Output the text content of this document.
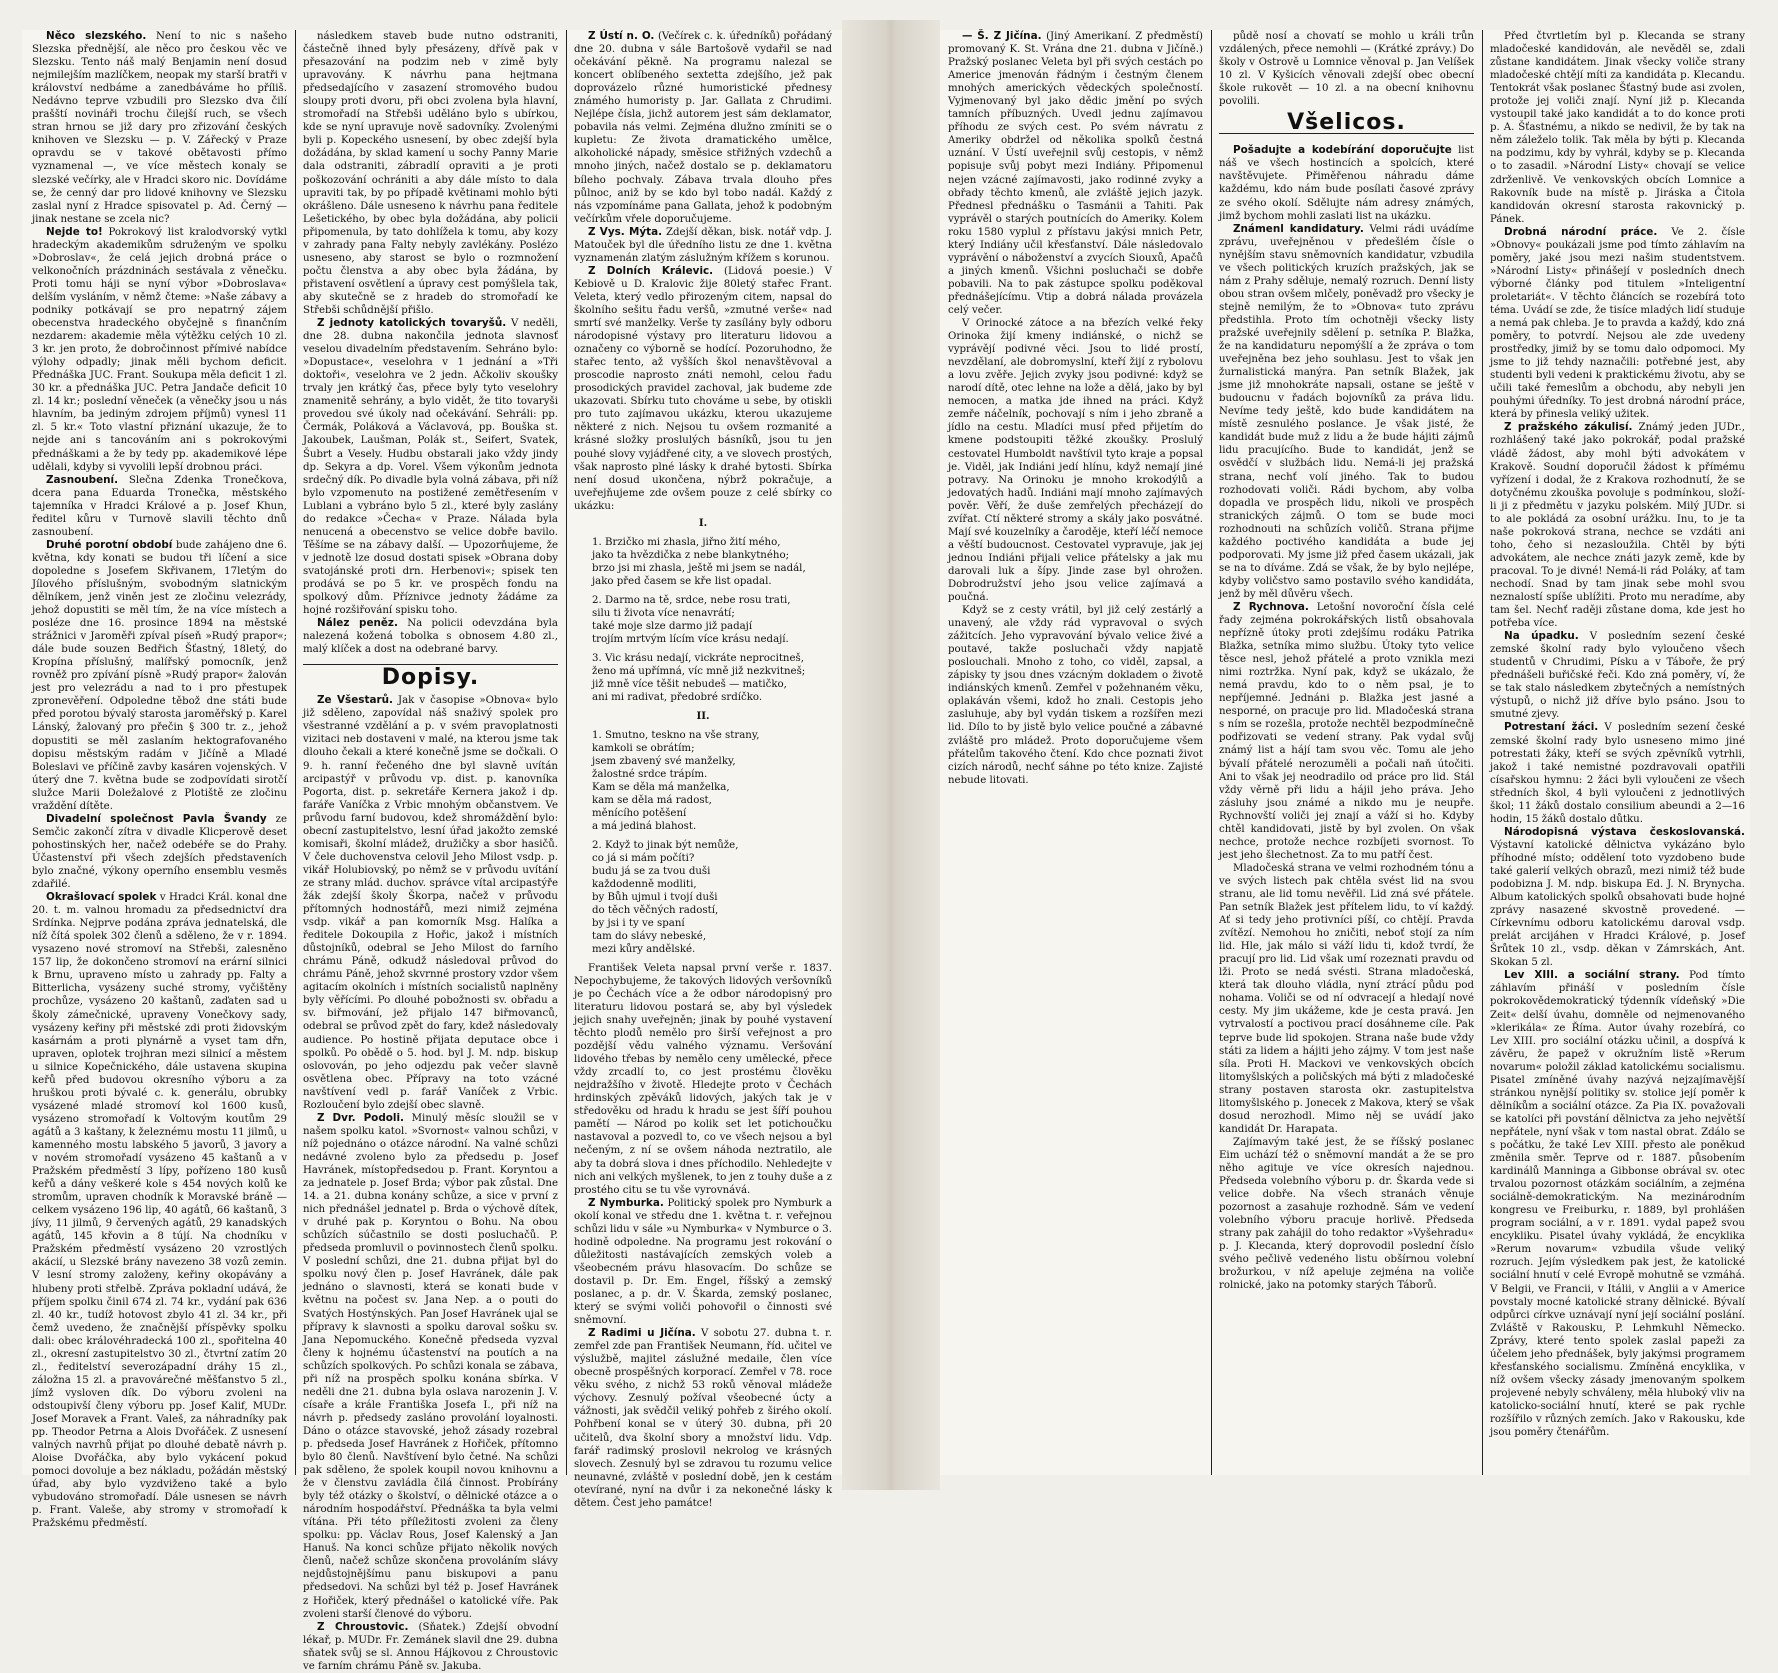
Něco slezského. Není to nic s našeho Slezska přednější, ale něco pro českou věc ve Slezsku. Tento náš malý Benjamin není dosud nejmilejším mazlíčkem, neopak my starší bratři v království nedbáme a zanedbáváme ho příliš. Nedávno teprve vzbudili pro Slezsko dva čilí prašští novináři trochu čilejší ruch, se všech stran hrnou se již dary pro zřizování českých knihoven ve Slezsku — p. V. Zářecký v Praze opravdu se v takové obětavosti přímo vyznamenal —, ve více městech konaly se slezské večírky, ale v Hradci skoro nic. Dovídáme se, že cenný dar pro lidové knihovny ve Slezsku zaslal nyní z Hradce spisovatel p. Ad. Černý — jinak nestane se zcela nic?

Nejde to! Pokrokový list kralodvorský vytkl hradeckým akademikům sdruženým ve spolku »Dobroslav«, že celá jejich drobná práce o velkonočních prázdninách sestávala z věnečku. Proti tomu háji se nyní výbor »Dobroslava« delším vysláním, v němž čteme: »Naše zábavy a podniky potkávají se pro nepatrný zájem obecenstva hradeckého obyčejně s finančním nezdarem: akademie měla výtěžku celých 10 zl. 3 kr. jen proto, že dobročinnost přímivé nabídce výlohy odpadly; jinak měli bychom deficit. Přednáška JUC. Frant. Soukupa měla deficit 1 zl. 30 kr. a přednáška JUC. Petra Jandače deficit 10 zl. 14 kr.; poslední věneček (a věnečky jsou u nás hlavním, ba jediným zdrojem příjmů) vynesl 11 zl. 5 kr.« Toto vlastní přiznání ukazuje, že to nejde ani s tancováním ani s pokrokovými přednáškami a že by tedy pp. akademikové lépe udělali, kdyby si vyvolili lepší drobnou práci.

Zasnoubení. Slečna Zdenka Tronečkova, dcera pana Eduarda Tronečka, městského tajemníka v Hradci Králové a p. Josef Khun, ředitel kůru v Turnově slavili těchto dnů zasnoubení.

Druhé porotní období bude zahájeno dne 6. května, kdy konati se budou tři líčení a sice dopoledne s Josefem Skřivanem, 17letým do Jílového příslušným, svobodným slatnickým dělníkem, jenž viněn jest ze zločinu velezrády, jehož dopustiti se měl tím, že na více místech a posléze dne 16. prosince 1894 na městské strážnici v Jaroměři zpíval píseň »Rudý prapor«; dále bude souzen Bedřich Šťastný, 18letý, do Kropína příslušný, malířský pomocník, jenž rovněž pro zpívání písně »Rudý prapor« žalován jest pro velezrádu a nad to i pro přestupek zpronevěření. Odpoledne těbož dne státi bude před porotou bývalý starosta jaroměřský p. Karel Lánský, žalovaný pro přečin § 300 tr. z., jehož dopustiti se měl zaslaním hektografovaného dopisu městským radám v Jičíně a Mladé Boleslavi ve příčině zavby kasáren vojenských. V úterý dne 7. května bude se zodpovídati sirotčí služce Marii Doležalové z Plotiště ze zločinu vraždění dítěte.

Divadelní společnost Pavla Švandy ze Semčic zakončí zítra v divadle Klicperově deset pohostinských her, načež odebéře se do Prahy. Účastenství při všech zdejších představeních bylo značné, výkony operního ensemblu vesměs zdařilé.

Okrašlovací spolek v Hradci Král. konal dne 20. t. m. valnou hromadu za předsednictví dra Srdínka. Nejprve podána zpráva jednatelská, dle níž čítá spolek 302 členů a sděleno, že v r. 1894. vysazeno nové stromoví na Střebši, zalesněno 157 lip, že dokončeno stromoví na erární silnici k Brnu, upraveno místo u zahrady pp. Falty a Bitterlicha, vysázeny suché stromy, vyčištěny prochůze, vysázeno 20 kaštanů, zaďaten sad u školy zámečnické, upraveny Vonečkovy sady, vysázeny keřiny při městské zdi proti židovským kasárnám a proti plynárně a vyset tam dřn, upraven, oplotek trojhran mezi silnicí a městem u silnice Kopečnického, dále ustavena skupina keřů před budovou okresního výboru a za hruškou proti bývalé c. k. generálu, obrubky vysázené mladé stromoví kol 1600 kusů, vysázeno stromořadí k Voltovým koutům 29 agátů a 3 kaštany, k železnému mostu 11 jilmů, u kamenného mostu labského 5 javorů, 3 javory a v novém stromořadí vysázeno 45 kaštanů a v Pražském předměstí 3 lípy, pořízeno 180 kusů keřů a dány veškeré kole s 454 nových kolů ke stromům, upraven chodník k Moravské bráně — celkem vysázeno 196 lip, 40 agátů, 66 kaštanů, 3 jívy, 11 jilmů, 9 červených agátů, 29 kanadských agátů, 145 křovin a 8 tújí. Na chodníku v Pražském předměstí vysázeno 20 vzrostlých akácií, u Slezské brány navezeno 38 vozů zemin. V lesní stromy založeny, keřiny okopávány a hlubeny proti střelbě. Zpráva pokladní udává, že příjem spolku činil 674 zl. 74 kr., vydání pak 636 zl. 40 kr., tudíž hotovost zbylo 41 zl. 34 kr., při čemž uvedeno, že značnější příspěvky spolku dali: obec královéhradecká 100 zl., spořitelna 40 zl., okresní zastupitelstvo 30 zl., čtvrtní zatím 20 zl., ředitelství severozápadní dráhy 15 zl., záložna 15 zl. a pravovárečné měšťanstvo 5 zl., jímž vysloven dík. Do výboru zvoleni na odstoupivší členy výboru pp. Josef Kalif, MUDr. Josef Moravek a Frant. Valeš, za náhradníky pak pp. Theodor Petrna a Alois Dvořáček. Z usnesení valných navrhů přijat po dlouhé debatě návrh p. Aloise Dvořáčka, aby bylo vykácení pokud pomoci dovoluje a bez nákladu, požádán městský úřad, aby bylo vyzdviženo také a bylo vybudováno stromořadí. Dále usnesen se návrh p. Frant. Valeše, aby stromy v stromořadí k Pražskému předměstí.

následkem staveb bude nutno odstraniti, částečně ihned byly přesázeny, dřívě pak v přesazování na podzim neb v zimě byly upravovány. K návrhu pana hejtmana předsedajícího v zasazení stromového budou sloupy proti dvoru, při obci zvolena byla hlavní, stromořadí na Střebši uděláno bylo s ubírkou, kde se nyní upravuje nově sadovníky. Zvolenými byli p. Kopeckého usnesení, by obec zdejší byla dožádána, by sklad kamení u sochy Panny Marie dala odstraniti, zábradlí opraviti a je proti poškozování ochrániti a aby dále místo to dala upraviti tak, by po případě květinami mohlo býti okrášleno. Dále usneseno k návrhu pana ředitele Lešetického, by obec byla dožádána, aby policii připomenula, by tato dohlížela k tomu, aby kozy v zahrady pana Falty nebyly zavlékány. Poslézo usneseno, aby starost se bylo o rozmnožení počtu členstva a aby obec byla žádána, by přistavení osvětlení a úpravy cest pomýšlela tak, aby skutečně se z hradeb do stromořadí ke Střebši schůdnější přišlo.

Z jednoty katolických tovaryšů. V neděli, dne 28. dubna nakončila jednota slavnosť veselou divadelním představením. Sehráno bylo: »Dopustace«, veselohra v 1 jednání a »Tři doktoři«, veselohra ve 2 jedn. Ačkoliv skoušky trvaly jen krátký čas, přece byly tyto veselohry znamenitě sehrány, a bylo vidět, že tito tovaryši provedou své úkoly nad očekávání. Sehráli: pp. Čermák, Poláková a Václavová, pp. Bouška st. Jakoubek, Laušman, Polák st., Seifert, Svatek, Šubrt a Vesely. Hudbu obstarali jako vždy jindy dp. Sekyra a dp. Vorel. Všem výkonům jednota srdečný dík. Po divadle byla volná zábava, při níž bylo vzpomenuto na postižené zemětřesením v Lublani a vybráno bylo 5 zl., které byly zaslány do redakce »Čecha« v Praze. Nálada byla nenucená a obecenstvo se velice dobře bavilo. Těšíme se na zábavy další. — Upozorňujeme, že v jednotě lze dosud dostati spisek »Obrana doby svatojánské proti drn. Herbenovi«; spisek ten prodává se po 5 kr. ve prospěch fondu na spolkový dům. Příznivce jednoty žádáme za hojné rozšiřování spisku toho.

Nález peněz. Na policii odevzdána byla nalezená kožená tobolka s obnosem 4.80 zl., malý klíček a dost na odebrané barvy.

Dopisy.

Ze Všestarů. Jak v časopise »Obnova« bylo již sděleno, zapovídal náš snaživý spolek pro všestranné vzdělání a p. v svém pravoplatnosti vizitaci neb dostaveni v malé, na kterou jsme tak dlouho čekali a které konečně jsme se dočkali. O 9. h. ranní řečeného dne byl slavně uvítán arcipastýř v průvodu vp. dist. p. kanovníka Pogorta, dist. p. sekretáře Kernera jakož i dp. faráře Vaníčka z Vrbic mnohým občanstvem. Ve průvodu farní budovou, kdež shromáždění bylo: obecní zastupitelstvo, lesní úřad jakožto zemské komisaři, školní mládež, družičky a sbor hasičů. V čele duchovenstva celovil Jeho Milost vsdp. p. vikář Holubiovský, po němž se v průvodu uvítání ze strany mlád. duchov. správce vítal arcipastýře žák zdejší školy Škorpa, načež v průvodu přítomných hodnostářů, mezi nimiž zejména vsdp. vikář a pan komorník Msg. Halíka a ředitele Dokoupila z Hořic, jakož i místních důstojníků, odebral se Jeho Milost do farního chrámu Páně, odkudž následoval průvod do chrámu Páně, jehož skvrnné prostory vzdor všem agitacím okolních i místních socialistů naplněny byly věřícími. Po dlouhé pobožnosti sv. obřadu a sv. biřmování, jež přijalo 147 biřmovanců, odebral se průvod zpět do fary, kdež následovaly audience. Po hostině přijata deputace obce i spolků. Po obědě o 5. hod. byl J. M. ndp. biskup oslovován, po jeho odjezdu pak večer slavně osvětlena obec. Přípravy na toto vzácné navštívení vedl p. farář Vaníček z Vrbic. Rozloučení bylo zdejší obec slavně.

Z Dvr. Podoli. Minulý měsíc sloužil se v našem spolku katol. »Svornost« valnou schůzi, v níž pojednáno o otázce národní. Na valné schůzi nedávné zvoleno bylo za předsedu p. Josef Havránek, místopředsedou p. Frant. Koryntou a za jednatele p. Josef Brda; výbor pak zůstal. Dne 14. a 21. dubna konány schůze, a sice v první z nich přednášel jednatel p. Brda o výchově dítek, v druhé pak p. Koryntou o Bohu. Na obou schůzích súčastnilo se dosti posluchačů. P. předseda promluvil o povinnostech členů spolku. V poslední schůzi, dne 21. dubna přijat byl do spolku nový člen p. Josef Havránek, dále pak jednáno o slavnosti, která se konati bude v květnu na počest sv. Jana Nep. a o pouti do Svatých Hostýnských. Pan Josef Havránek ujal se přípravy k slavnosti a spolku daroval sošku sv. Jana Nepomuckého. Konečně předseda vyzval členy k hojnému účastenství na poutích a na schůzích spolkových. Po schůzi konala se zábava, při níž na prospěch spolku konána sbírka. V neděli dne 21. dubna byla oslava narozenin J. V. císaře a krále Františka Josefa I., při níž na návrh p. předsedy zasláno provolání loyalnosti. Dáno o otázce stavovské, jehož zásady rozebral p. předseda Josef Havránek z Hořiček, přítomno bylo 80 členů. Navštívení bylo četné. Na schůzi pak sděleno, že spolek koupil novou knihovnu a že v členstvu zavládla čilá činnost. Probírány byly též otázky o školství, o dělnické otázce a o národním hospodářství. Přednáška ta byla velmi vítána. Při této příležitosti zvoleni za členy spolku: pp. Václav Rous, Josef Kalenský a Jan Hanuš. Na konci schůze přijato několik nových členů, načež schůze skončena provoláním slávy nejdůstojnějšímu panu biskupovi a panu předsedovi. Na schůzi byl též p. Josef Havránek z Hořiček, který přednášel o katolické víře. Pak zvoleni starší členové do výboru.

Z Chroustovic. (Sňatek.) Zdejší obvodní lékař, p. MUDr. Fr. Zemánek slavil dne 29. dubna sňatek svůj se sl. Annou Hájkovou z Chroustovic ve farním chrámu Páně sv. Jakuba.

Z Ústí n. O. (Večírek c. k. úředníků) pořádaný dne 20. dubna v sále Bartošově vydařil se nad očekávání pěkně. Na programu nalezal se koncert oblíbeného sextetta zdejšího, jež pak doprovázelo různé humoristické přednesy známého humoristy p. Jar. Gallata z Chrudimi. Nejlépe čísla, jichž autorem jest sám deklamator, pobavila nás velmi. Zejména dlužno zmíniti se o kupletu: Ze života dramatického umělce, alkoholické nápady, směsice střižných vzdechů a mnoho jiných, načež dostalo se p. deklamatoru bíleho pochvaly. Zábava trvala dlouho přes půlnoc, aniž by se kdo byl tobo nadál. Každý z nás vzpomínáme pana Gallata, jehož k podobným večírkům vřele doporučujeme.

Z Vys. Mýta. Zdejší děkan, bisk. notář vdp. J. Matouček byl dle úředního listu ze dne 1. května vyznamenán zlatým záslužným křížem s korunou.

Z Dolních Králevic. (Lidová poesie.) V Kebiově u D. Kralovic žije 80letý stařec Frant. Veleta, který vedlo přirozeným citem, napsal do školního sešitu řadu veršů, »zmutné verše« nad smrtí své manželky. Verše ty zasílány byly odboru národopisné výstavy pro literaturu lidovou a označeny co výborně se hodící. Pozoruhodno, že stařec tento, až vyšších škol nenavštěvoval a proscodie naprosto znáti nemohl, celou řadu prosodických pravidel zachoval, jak budeme zde ukazovati. Sbírku tuto chováme u sebe, by otiskli pro tuto zajímavou ukázku, kterou ukazujeme některé z nich. Nejsou tu ovšem rozmanité a krásné složky proslulých básníků, jsou tu jen pouhé slovy vyjádřené city, a ve slovech prostých, však naprosto plné lásky k drahé bytosti. Sbírka není dosud ukončena, nýbrž pokračuje, a uveřejňujeme zde ovšem pouze z celé sbírky co ukázku:

I.
1. Brzičko mi zhasla, jiřno žití mého,
jako ta hvězdička z nebe blankytného;
brzo jsi mi zhasla, ještě mi jsem se nadál,
jako před časem se kře list opadal.
2. Darmo na tě, srdce, nebe rosu trati,
silu ti života více nenavrátí;
také moje slze darmo již padají
trojím mrtvým lícím více krásu nedají.
3. Vic krásu nedají, vickráte neprocitneš,
ženo má upřímná, víc mně již nezkvitneš;
již mně více těšit nebudeš — matičko,
ani mi radivat, předobré srdíčko.
II.
1. Smutno, teskno na vše strany,
kamkoli se obrátím;
jsem zbavený své manželky,
žalostné srdce trápím.
Kam se děla má manželka,
kam se děla má radost,
měnícího potěšení
a má jediná blahost.
2. Když to jinak být nemůže,
co já si mám počíti?
budu já se za tvou duši
každodenně modliti,
by Bůh ujmul i tvojí duši
do těch věčných radostí,
by jsi i ty ve spaní
tam do slávy nebeské,
mezi kůry andělské.

František Veleta napsal první verše r. 1837. Nepochybujeme, že takových lidových veršovníků je po Čechách více a že odbor národopisný pro literaturu lidovou postará se, aby byl výsledek jejich snahy uveřejněn; jinak by pouhé vystavení těchto plodů nemělo pro širší veřejnost a pro pozdější vědu valného významu. Veršování lidového třebas by nemělo ceny umělecké, přece vždy zrcadlí to, co jest prostému člověku nejdražšího v životě. Hledejte proto v Čechách hrdinských zpěváků lidových, jakých tak je v středověku od hradu k hradu se jest šíří pouhou pamětí — Národ po kolik set let potichoučku nastavoval a pozvedl to, co ve všech nejsou a byl nečeným, z ní se ovšem náhoda neztratilo, ale aby ta dobrá slova i dnes příchodilo. Nehledejte v nich ani velkých myšlenek, to jen z touhy duše a z prostého citu se tu vše vyrovnává.

Z Nymburka. Politický spolek pro Nymburk a okolí konal ve středu dne 1. května t. r. veřejnou schůzi lidu v sále »u Nymburka« v Nymburce o 3. hodině odpoledne. Na programu jest rokování o důležitosti nastávajících zemských voleb a všeobecném právu hlasovacím. Do schůze se dostavil p. Dr. Em. Engel, říšský a zemský poslanec, a p. dr. V. Škarda, zemský poslanec, který se svými voliči pohovořil o činnosti své sněmovní.

Z Radimi u Jičína. V sobotu 27. dubna t. r. zemřel zde pan František Neumann, říd. učitel ve výslužbě, majitel záslužné medaile, člen více obecně prospěšných korporací. Zemřel v 78. roce věku svého, z nichž 53 roků věnoval mládeže výchovy. Zesnulý požíval všeobecné úcty a vážnosti, jak svědčil veliký pohřeb z širého okolí. Pohřbení konal se v úterý 30. dubna, při 20 učitelů, dva školní sbory a množství lidu. Vdp. farář radimský proslovil nekrolog ve krásných slovech. Zesnulý byl se zdravou tu rozumu velice neunavné, zvláště v poslední době, jen k cestám otevírané, nyní na dvůr i za nekonečné lásky k dětem. Čest jeho památce!

— Š. Z Jičína. (Jiný Amerikaní. Z předměstí) promovaný K. St. Vrána dne 21. dubna v Jičíně.) Pražský poslanec Veleta byl při svých cestách po Americe jmenován řádným i čestným členem mnohých amerických vědeckých společností. Vyjmenovaný byl jako dědic jmění po svých tamních příbuzných. Uvedl jednu zajímavou příhodu ze svých cest. Po svém návratu z Ameriky obdržel od několika spolků čestná uznání. V Ústí uveřejnil svůj cestopis, v němž popisuje svůj pobyt mezi Indiány. Připomenul nejen vzácné zajímavosti, jako rodinné zvyky a obřady těchto kmenů, ale zvláště jejich jazyk. Přednesl přednášku o Tasmánii a Tahiti. Pak vyprávěl o starých poutnících do Ameriky. Kolem roku 1580 vyplul z přístavu jakýsi mnich Petr, který Indiány učil křesťanství. Dále následovalo vyprávění o náboženství a zvycích Siouxů, Apačů a jiných kmenů. Všichni posluchači se dobře pobavili. Na to pak zástupce spolku poděkoval přednášejícímu. Vtip a dobrá nálada provázela celý večer.

V Orinocké zátoce a na březích velké řeky Orinoka žijí kmeny indiánské, o nichž se vyprávějí podivné věci. Jsou to lidé prostí, nevzdělaní, ale dobromyslní, kteří žijí z rybolovu a lovu zvěře. Jejich zvyky jsou podivné: když se narodí dítě, otec lehne na lože a dělá, jako by byl nemocen, a matka jde ihned na práci. Když zemře náčelník, pochovají s ním i jeho zbraně a jídlo na cestu. Mladíci musí před přijetím do kmene podstoupiti těžké zkoušky. Proslulý cestovatel Humboldt navštívil tyto kraje a popsal je. Viděl, jak Indiáni jedí hlínu, když nemají jiné potravy. Na Orinoku je mnoho krokodýlů a jedovatých hadů. Indiáni mají mnoho zajímavých pověr. Věří, že duše zemřelých přecházejí do zvířat. Ctí některé stromy a skály jako posvátné. Mají své kouzelníky a čaroděje, kteří léčí nemoce a věští budoucnost. Cestovatel vypravuje, jak jej jednou Indiáni přijali velice přátelsky a jak mu darovali luk a šípy. Jinde zase byl ohrožen. Dobrodružství jeho jsou velice zajímavá a poučná.

Když se z cesty vrátil, byl již celý zestárlý a unavený, ale vždy rád vypravoval o svých zážitcích. Jeho vypravování bývalo velice živé a poutavé, takže posluchači vždy napjatě poslouchali. Mnoho z toho, co viděl, zapsal, a zápisky ty jsou dnes vzácným dokladem o životě indiánských kmenů. Zemřel v požehnaném věku, oplakáván všemi, kdož ho znali. Cestopis jeho zasluhuje, aby byl vydán tiskem a rozšířen mezi lid. Dílo to by jistě bylo velice poučné a zábavné zvláště pro mládež. Proto doporučujeme všem přátelům takového čtení. Kdo chce poznati život cizích národů, nechť sáhne po této knize. Zajisté nebude litovati.

půdě nosí a chovatí se mohlo u králi trůn vzdálených, přece nemohli — (Krátké zprávy.) Do školy v Ostrově u Lomnice věnoval p. Jan Velíšek 10 zl. V Kyšicích věnovali zdejší obec obecní škole rukovět — 10 zl. a na obecní knihovnu povolili.

Všelicos.

Pošadujte a kodebírání doporučujte list náš ve všech hostincích a spolcích, které navštěvujete. Přiměřenou náhradu dáme každému, kdo nám bude posílati časové zprávy ze svého okolí. Sdělujte nám adresy známých, jimž bychom mohli zaslati list na ukázku.

Známenl kandidatury. Velmi rádi uvádíme zprávu, uveřejněnou v předešlém čísle o nynějším stavu sněmovních kandidatur, vzbudila ve všech politických kruzích pražských, jak se nám z Prahy sděluje, nemalý rozruch. Denní listy obou stran ovšem mlčely, poněvadž pro všecky je stejně nemilým, že to »Obnova« tuto zprávu předstihla. Proto tím ochotněji všecky listy pražské uveřejnily sdělení p. setníka P. Blažka, že na kandidaturu nepomýšlí a že zpráva o tom uveřejněna bez jeho souhlasu. Jest to však jen žurnalistická manýra. Pan setník Blažek, jak jsme již mnohokráte napsali, ostane se ještě v budoucnu v řadách bojovníků za práva lidu. Nevíme tedy ještě, kdo bude kandidátem na místě zesnulého poslance. Je však jisté, že kandidát bude muž z lidu a že bude hájiti zájmů lidu pracujícího. Bude to kandidát, jenž se osvědčí v službách lidu. Nemá-li jej pražská strana, nechť volí jiného. Tak to budou rozhodovati voliči. Rádi bychom, aby volba dopadla ve prospěch lidu, nikoli ve prospěch stranických zájmů. O tom se bude moci rozhodnouti na schůzích voličů. Strana přijme každého poctivého kandidáta a bude jej podporovati. My jsme již před časem ukázali, jak se na to díváme. Zdá se však, že by bylo nejlépe, kdyby voličstvo samo postavilo svého kandidáta, jenž by měl důvěru všech.

Z Rychnova. Letošní novoroční čísla celé řady zejména pokrokářských listů obsahovala nepřízně útoky proti zdejšímu rodáku Patrika Blažka, setníka mimo službu. Útoky tyto velice těsce nesl, jehož přátelé a proto vznikla mezi nimi roztržka. Nyní pak, když se ukázalo, že nemá pravdu, kdo to o něm psal, je to nepříjemné. Jednáni p. Blažka jest jasné a nesporné, on pracuje pro lid. Mladočeská strana s ním se rozešla, protože nechtěl bezpodmínečně podřizovati se vedení strany. Pak vydal svůj známý list a hájí tam svou věc. Tomu ale jeho bývalí přátelé nerozuměli a počali naň útočiti. Ani to však jej neodradilo od práce pro lid. Stál vždy věrně při lidu a hájil jeho práva. Jeho zásluhy jsou známé a nikdo mu je neupře. Rychnovští voliči jej znají a váží si ho. Kdyby chtěl kandidovati, jistě by byl zvolen. On však nechce, protože nechce rozbíjeti svornost. To jest jeho šlechetnost. Za to mu patří čest.

Mladočeská strana ve velmi rozhodném tónu a ve svých listech pak chtěla svést lid na svou stranu, ale lid tomu nevěřil. Lid zná své přátele. Pan setník Blažek jest přítelem lidu, to ví každý. Ať si tedy jeho protivníci píší, co chtějí. Pravda zvítězí. Nemohou ho zničiti, neboť stojí za ním lid. Hle, jak málo si váží lidu ti, kdož tvrdí, že pracují pro lid. Lid však umí rozeznati pravdu od lži. Proto se nedá svésti. Strana mladočeská, která tak dlouho vládla, nyní ztrácí půdu pod nohama. Voliči se od ní odvracejí a hledají nové cesty. My jim ukážeme, kde je cesta pravá. Jen vytrvalostí a poctivou prací dosáhneme cíle. Pak teprve bude lid spokojen. Strana naše bude vždy státi za lidem a hájiti jeho zájmy. V tom jest naše síla. Proti H. Mackovi ve venkovských obcích litomyšlských a poličských má býti z mladočeské strany postaven starosta okr. zastupitelstva litomyšlského p. Jonecek z Makova, který se však dosud nerozhodl. Mimo něj se uvádí jako kandidát Dr. Harapata.

Zajímavým také jest, že se říšský poslanec Eim uchází též o sněmovní mandát a že se pro něho agituje ve více okresích najednou. Předseda volebního výboru p. dr. Škarda vede si velice dobře. Na všech stranách věnuje pozornost a zasahuje rozhodně. Sám ve vedení volebního výboru pracuje horlivě. Předseda strany pak zahájil do toho redaktor »Vyšehradu« p. J. Klecanda, který doprovodil poslední číslo svého pečlivě vedeného listu obšírnou volební brožurkou, v níž apeluje zejména na voliče rolnické, jako na potomky starých Táborů.

Před čtvrtletím byl p. Klecanda se strany mladočeské kandidován, ale nevěděl se, zdali zůstane kandidátem. Jinak všecky voliče strany mladočeské chtějí míti za kandidáta p. Klecandu. Tentokrát však poslanec Šťastný bude asi zvolen, protože jej voliči znají. Nyní již p. Klecanda vystoupil také jako kandidát a to do konce proti p. A. Šťastnému, a nikdo se nedivil, že by tak na něm záleželo tolik. Tak měla by býti p. Klecanda na podzimu, kdy by vyhrál, kdyby se p. Klecanda o to zasadil. »Národní Listy« chovají se velice zdrženlivě. Ve venkovských obcích Lomnice a Rakovník bude na místě p. Jiráska a Čitola kandidován okresní starosta rakovnický p. Pánek.

Drobná národní práce. Ve 2. čísle »Obnovy« poukázali jsme pod tímto záhlavím na poměry, jaké jsou mezi našim studentstvem. »Národní Listy« přinášejí v posledních dnech výborné články pod titulem »Inteligentní proletariát«. V těchto článcích se rozebírá toto téma. Uvádí se zde, že tisíce mladých lidí studuje a nemá pak chleba. Je to pravda a každý, kdo zná poměry, to potvrdí. Nejsou ale zde uvedeny prostředky, jimiž by se tomu dalo odpomoci. My jsme to již tehdy naznačili: potřebné jest, aby studenti byli vedeni k praktickému životu, aby se učili také řemeslům a obchodu, aby nebyli jen pouhými úředníky. To jest drobná národní práce, která by přinesla veliký užitek.

Z pražského zákulisí. Známý jeden JUDr., rozhlášený také jako pokrokář, podal pražské vládě žádost, aby mohl býti advokátem v Krakově. Soudní doporučil žádost k přímému vyřízení i dodal, že z Krakova rozhodnutí, že se dotyčnému zkouška povoluje s podmínkou, složí-li ji z předmětu v jazyku polském. Milý JUDr. si to ale pokládá za osobní urážku. Inu, to je ta naše pokroková strana, nechce se vzdáti ani toho, čeho si nezasloužila. Chtěl by býti advokátem, ale nechce znáti jazyk země, kde by pracoval. To je divné! Nemá-li rád Poláky, ať tam nechodí. Snad by tam jinak sebe mohl svou neznalostí spíše ublížiti. Proto mu neradíme, aby tam šel. Nechť raději zůstane doma, kde jest ho potřeba více.

Na úpadku. V posledním sezení české zemské školní rady bylo vyloučeno všech studentů v Chrudimi, Písku a v Táboře, že prý přednášeli buřičské řeči. Kdo zná poměry, ví, že se tak stalo následkem zbytečných a nemístných výstupů, o nichž již dříve bylo psáno. Jsou to smutné zjevy.

Potrestaní žáci. V posledním sezení české zemské školní rady bylo usneseno mimo jiné potrestati žáky, kteří se svých zpěvníků vytrhli, jakož i také nemistné pozdravovali opatřili císařskou hymnu: 2 žáci byli vyloučeni ze všech středních škol, 4 byli vyloučeni z jednotlivých škol; 11 žáků dostalo consilium abeundi a 2—16 hodin, 15 žáků dostalo důtku.

Národopisná výstava českoslovanská. Výstavní katolické dělnictva vykázáno bylo příhodné místo; oddělení toto vyzdobeno bude také galerií velkých obrazů, mezi nimiž též bude podobizna J. M. ndp. biskupa Ed. J. N. Brynycha. Album katolických spolků obsahovati bude hojné zprávy nasazené skvostně provedené. — Církevnímu odboru katolickému daroval vsdp. prelát arcijáhen v Hradci Králové, p. Josef Šrůtek 10 zl., vsdp. děkan v Zámrskách, Ant. Skokan 5 zl.

Lev XIII. a sociální strany. Pod tímto záhlavím přináší v posledním čísle pokrokovědemokratický týdenník vídeňský »Die Zeit« delší úvahu, domněle od nejmenovaného »klerikála« ze Říma. Autor úvahy rozebírá, co Lev XIII. pro sociální otázku učinil, a dospívá k závěru, že papež v okružním listě »Rerum novarum« položil základ katolickému socialismu. Pisatel zmíněné úvahy nazývá nejzajímavější stránkou nynější politiky sv. stolice její poměr k dělníkům a sociální otázce. Za Pia IX. považovali se katolíci při povstání dělnictva za jeho největší nepřátele, nyní však v tom nastal obrat. Zdálo se s počátku, že také Lev XIII. přesto ale poněkud změnila směr. Teprve od r. 1887. působením kardinálů Manninga a Gibbonse obrával sv. otec trvalou pozornost otázkám sociálním, a zejména sociálně-demokratickým. Na mezinárodním kongresu ve Freiburku, r. 1889, byl prohlášen program sociální, a v r. 1891. vydal papež svou encykliku. Pisatel úvahy vykládá, že encyklika »Rerum novarum« vzbudila všude veliký rozruch. Jejím výsledkem pak jest, že katolické sociální hnutí v celé Evropě mohutně se vzmáhá. V Belgii, ve Francii, v Itálii, v Anglii a v Americe povstaly mocné katolické strany dělnické. Bývalí odpůrci církve uznávají nyní její sociální poslání. Zvláště v Rakousku, P. Lehmkuhl Německo. Zprávy, které tento spolek zaslal papeži za účelem jeho přednášek, byly jakýmsi programem křesťanského socialismu. Zmíněná encyklika, v níž ovšem všecky zásady jmenovaným spolkem projevené nebyly schváleny, měla hluboký vliv na katolicko-sociální hnutí, které se pak rychle rozšířilo v různých zemích. Jako v Rakousku, kde jsou poměry čtenářům.
